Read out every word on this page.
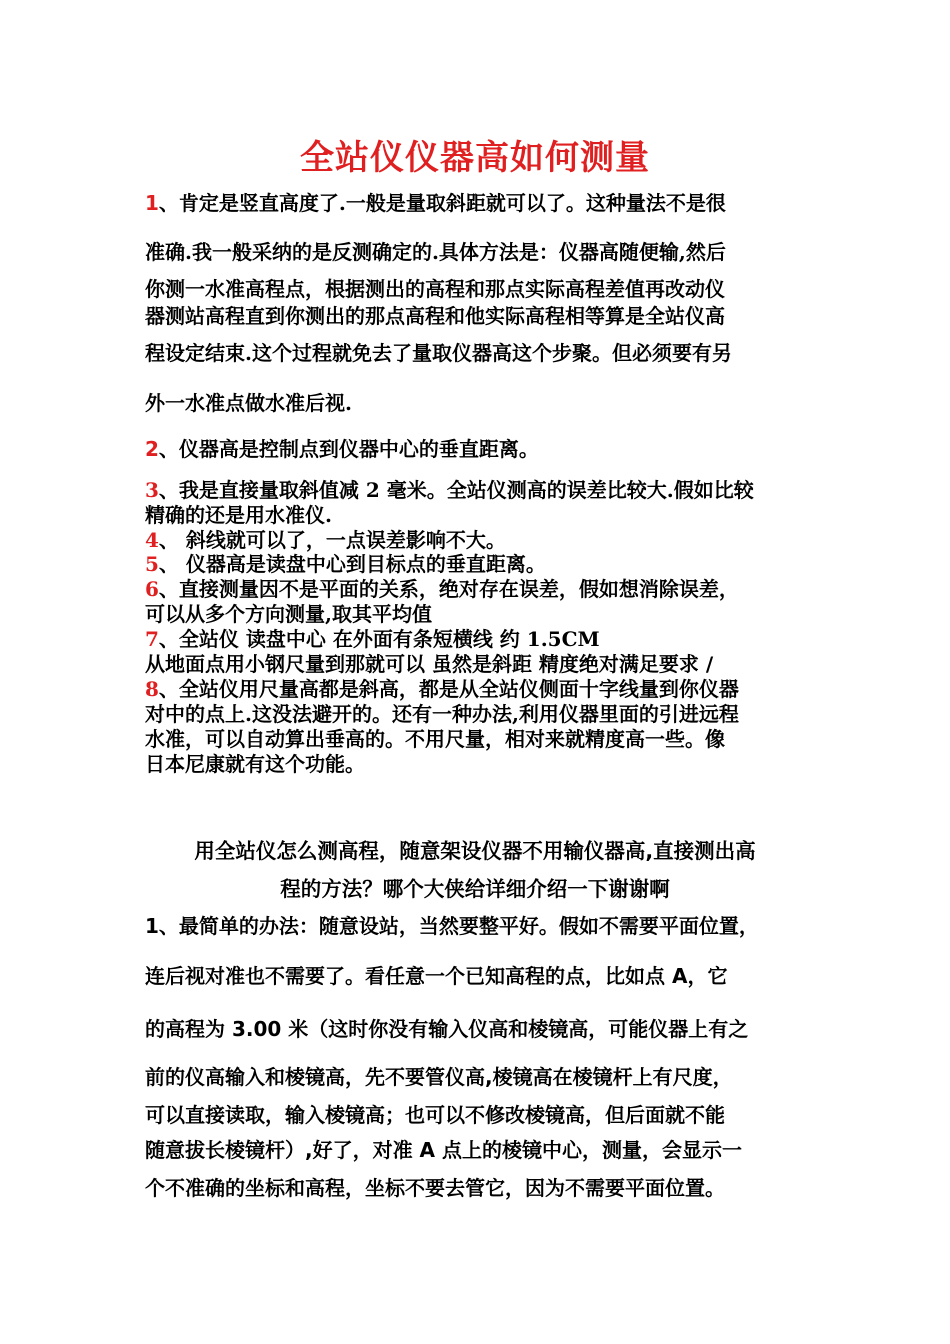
全站仪仪器高如何测量
1、肯定是竖直高度了.一般是量取斜距就可以了。这种量法不是很
准确.我一般采纳的是反测确定的.具体方法是：仪器高随便输,然后
你测一水准高程点，根据测出的高程和那点实际高程差值再改动仪
器测站高程直到你测出的那点高程和他实际高程相等算是全站仪高
程设定结束.这个过程就免去了量取仪器高这个步聚。但必须要有另
外一水准点做水准后视.
2、仪器高是控制点到仪器中心的垂直距离。
3、我是直接量取斜值减 2 毫米。全站仪测高的误差比较大.假如比较
精确的还是用水准仪.
4、 斜线就可以了，一点误差影响不大。
5、 仪器高是读盘中心到目标点的垂直距离。
6、直接测量因不是平面的关系，绝对存在误差，假如想消除误差，
可以从多个方向测量,取其平均值
7、全站仪 读盘中心 在外面有条短横线 约 1.5CM
从地面点用小钢尺量到那就可以 虽然是斜距 精度绝对满足要求 /
8、全站仪用尺量高都是斜高，都是从全站仪侧面十字线量到你仪器
对中的点上.这没法避开的。还有一种办法,利用仪器里面的引进远程
水准，可以自动算出垂高的。不用尺量，相对来就精度高一些。像
日本尼康就有这个功能。
用全站仪怎么测高程，随意架设仪器不用输仪器高,直接测出高
程的方法？哪个大侠给详细介绍一下谢谢啊
1、最简单的办法：随意设站，当然要整平好。假如不需要平面位置，
连后视对准也不需要了。看任意一个已知高程的点，比如点 A，它
的高程为 3.00 米（这时你没有输入仪高和棱镜高，可能仪器上有之
前的仪高输入和棱镜高，先不要管仪高,棱镜高在棱镜杆上有尺度，
可以直接读取，输入棱镜高；也可以不修改棱镜高，但后面就不能
随意拔长棱镜杆）,好了，对准 A 点上的棱镜中心，测量，会显示一
个不准确的坐标和高程，坐标不要去管它，因为不需要平面位置。
